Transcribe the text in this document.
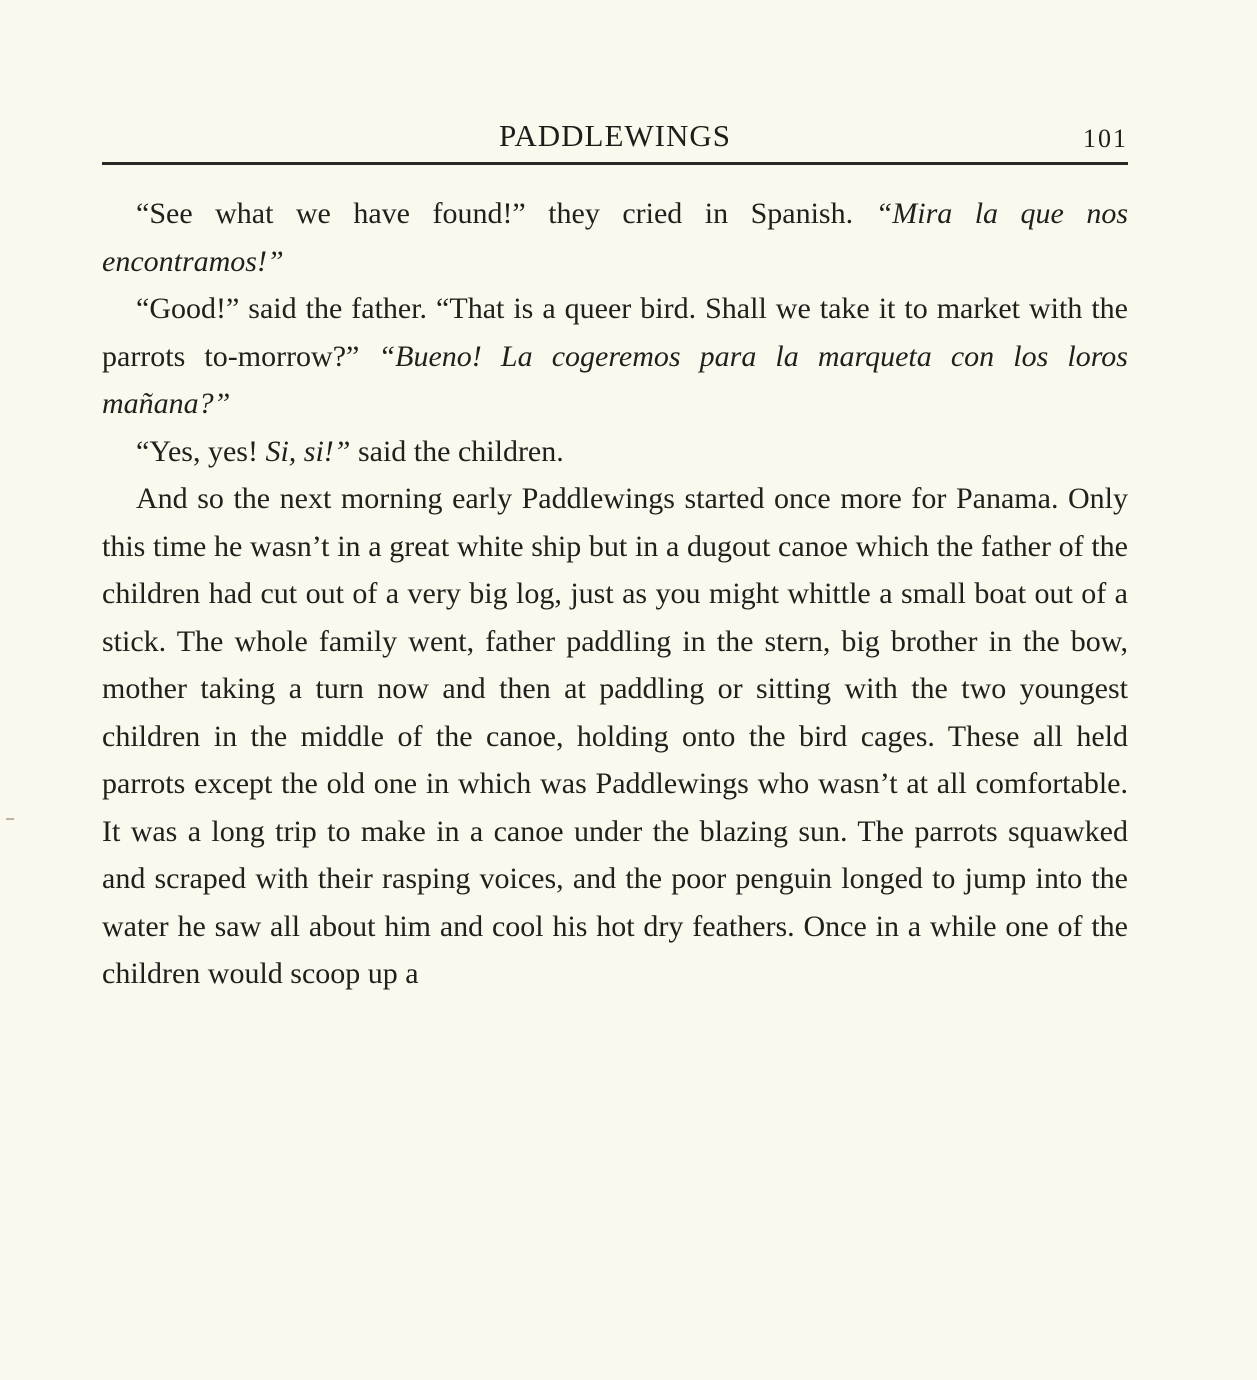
PADDLEWINGS	101

“See what we have found!” they cried in Spanish. “Mira la que nos encontramos!”

“Good!” said the father. “That is a queer bird. Shall we take it to market with the parrots to-morrow?” “Bueno! La cogeremos para la marqueta con los loros mañana?”

“Yes, yes! Si, si!” said the children.

And so the next morning early Paddlewings started once more for Panama. Only this time he wasn’t in a great white ship but in a dugout canoe which the father of the children had cut out of a very big log, just as you might whittle a small boat out of a stick. The whole family went, father paddling in the stern, big brother in the bow, mother taking a turn now and then at paddling or sitting with the two youngest children in the middle of the canoe, holding onto the bird cages. These all held parrots except the old one in which was Paddlewings who wasn’t at all comfortable. It was a long trip to make in a canoe under the blazing sun. The parrots squawked and scraped with their rasping voices, and the poor penguin longed to jump into the water he saw all about him and cool his hot dry feathers. Once in a while one of the children would scoop up a
